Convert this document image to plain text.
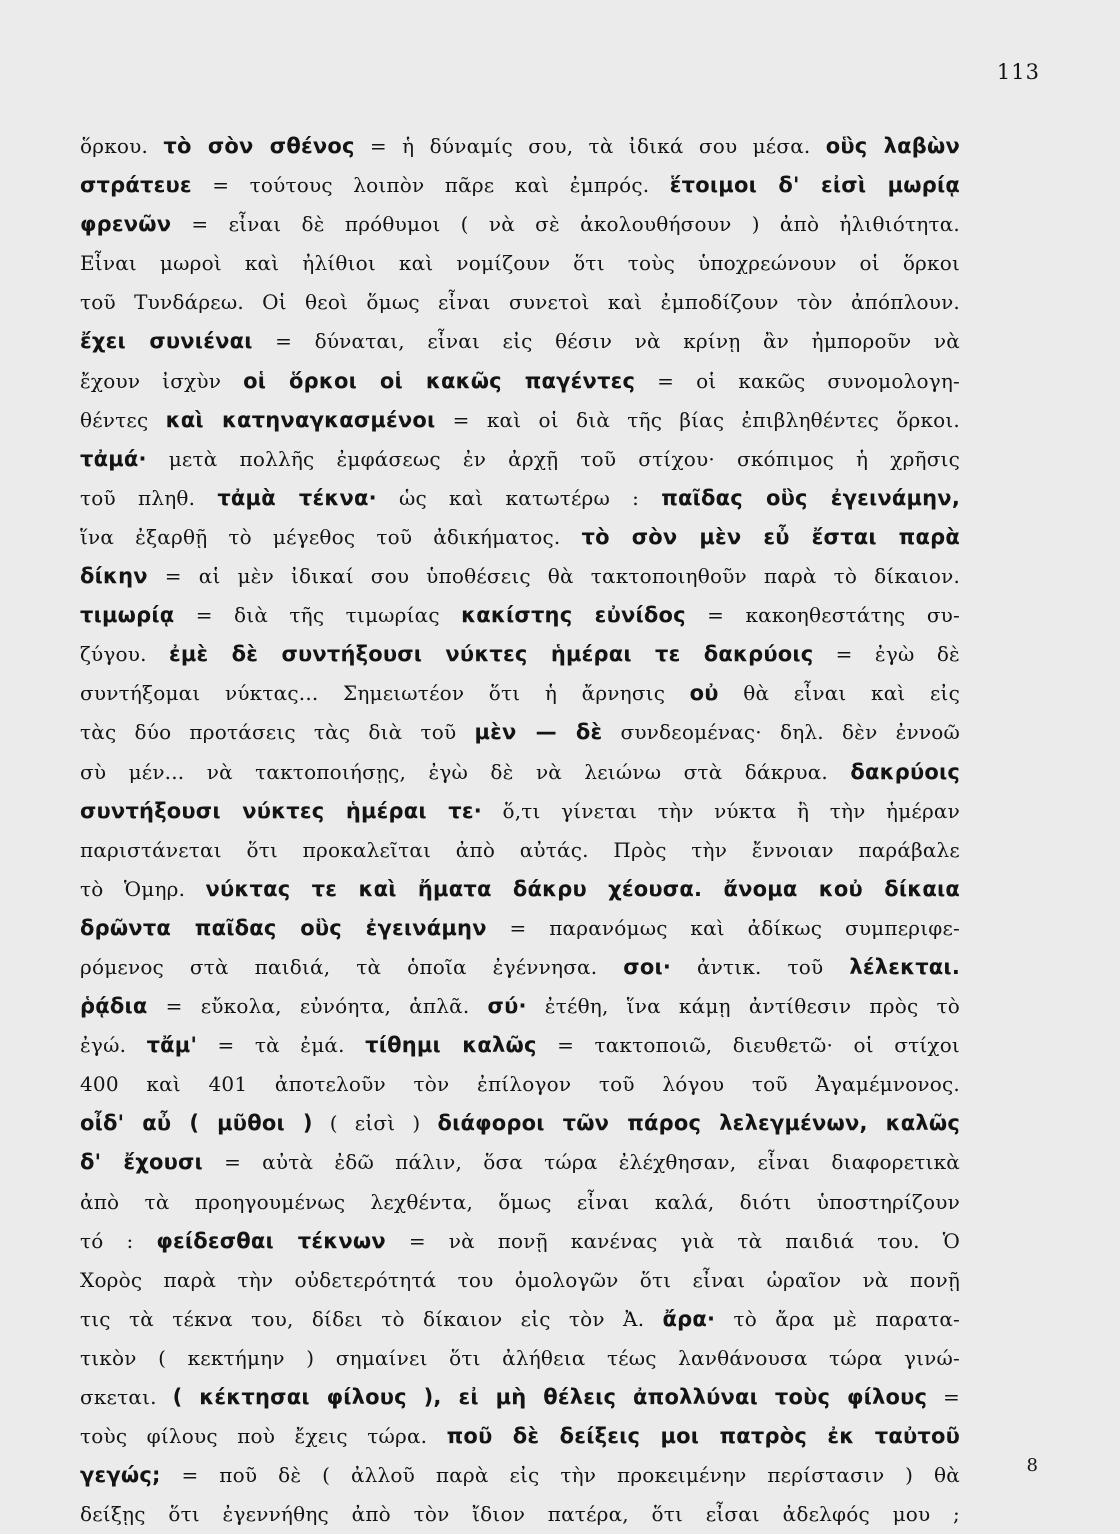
113
ὅρκου. τὸ σὸν σθένος = ἡ δύναμίς σου, τὰ ἰδικά σου μέσα. οὓς λαβὼν
στράτευε = τούτους λοιπὸν πᾶρε καὶ ἐμπρός. ἕτοιμοι δ' εἰσὶ μωρίᾳ
φρενῶν = εἶναι δὲ πρόθυμοι ( νὰ σὲ ἀκολουθήσουν ) ἀπὸ ἠλιθιότητα.
Εἶναι μωροὶ καὶ ἠλίθιοι καὶ νομίζουν ὅτι τοὺς ὑποχρεώνουν οἱ ὅρκοι
τοῦ Τυνδάρεω. Οἱ θεοὶ ὅμως εἶναι συνετοὶ καὶ ἐμποδίζουν τὸν ἀπόπλουν.
ἔχει συνιέναι = δύναται, εἶναι εἰς θέσιν νὰ κρίνῃ ἂν ἠμποροῦν νὰ
ἔχουν ἰσχὺν οἱ ὅρκοι οἱ κακῶς παγέντες = οἱ κακῶς συνομολογη-
θέντες καὶ κατηναγκασμένοι = καὶ οἱ διὰ τῆς βίας ἐπιβληθέντες ὅρκοι.
τἀμά· μετὰ πολλῆς ἐμφάσεως ἐν ἀρχῇ τοῦ στίχου· σκόπιμος ἡ χρῆσις
τοῦ πληθ. τἀμὰ τέκνα· ὡς καὶ κατωτέρω : παῖδας οὓς ἐγεινάμην,
ἵνα ἐξαρθῇ τὸ μέγεθος τοῦ ἀδικήματος. τὸ σὸν μὲν εὖ ἔσται παρὰ
δίκην = αἱ μὲν ἰδικαί σου ὑποθέσεις θὰ τακτοποιηθοῦν παρὰ τὸ δίκαιον.
τιμωρίᾳ = διὰ τῆς τιμωρίας κακίστης εὐνίδος = κακοηθεστάτης συ-
ζύγου. ἐμὲ δὲ συντήξουσι νύκτες ἡμέραι τε δακρύοις = ἐγὼ δὲ
συντήξομαι νύκτας... Σημειωτέον ὅτι ἡ ἄρνησις οὐ θὰ εἶναι καὶ εἰς
τὰς δύο προτάσεις τὰς διὰ τοῦ μὲν — δὲ συνδεομένας· δηλ. δὲν ἐννοῶ
σὺ μέν... νὰ τακτοποιήσῃς, ἐγὼ δὲ νὰ λειώνω στὰ δάκρυα. δακρύοις
συντήξουσι νύκτες ἡμέραι τε· ὅ,τι γίνεται τὴν νύκτα ἢ τὴν ἡμέραν
παριστάνεται ὅτι προκαλεῖται ἀπὸ αὐτάς. Πρὸς τὴν ἔννοιαν παράβαλε
τὸ Ὁμηρ. νύκτας τε καὶ ἤματα δάκρυ χέουσα. ἄνομα κοὐ δίκαια
δρῶντα παῖδας οὓς ἐγεινάμην = παρανόμως καὶ ἀδίκως συμπεριφε-
ρόμενος στὰ παιδιά, τὰ ὁποῖα ἐγέννησα. σοι· ἀντικ. τοῦ λέλεκται.
ῥᾴδια = εὔκολα, εὐνόητα, ἁπλᾶ. σύ· ἐτέθη, ἵνα κάμῃ ἀντίθεσιν πρὸς τὸ
ἐγώ. τἄμ' = τὰ ἐμά. τίθημι καλῶς = τακτοποιῶ, διευθετῶ· οἱ στίχοι
400 καὶ 401 ἀποτελοῦν τὸν ἐπίλογον τοῦ λόγου τοῦ Ἀγαμέμνονος.
οἶδ' αὖ ( μῦθοι ) ( εἰσὶ ) διάφοροι τῶν πάρος λελεγμένων, καλῶς
δ' ἔχουσι = αὐτὰ ἐδῶ πάλιν, ὅσα τώρα ἐλέχθησαν, εἶναι διαφορετικὰ
ἀπὸ τὰ προηγουμένως λεχθέντα, ὅμως εἶναι καλά, διότι ὑποστηρίζουν
τό : φείδεσθαι τέκνων = νὰ πονῇ κανένας γιὰ τὰ παιδιά του. Ὁ
Χορὸς παρὰ τὴν οὐδετερότητά του ὁμολογῶν ὅτι εἶναι ὡραῖον νὰ πονῇ
τις τὰ τέκνα του, δίδει τὸ δίκαιον εἰς τὸν Ἀ. ἄρα· τὸ ἄρα μὲ παρατα-
τικὸν ( κεκτήμην ) σημαίνει ὅτι ἀλήθεια τέως λανθάνουσα τώρα γινώ-
σκεται. ( κέκτησαι φίλους ), εἰ μὴ θέλεις ἀπολλύναι τοὺς φίλους =
τοὺς φίλους ποὺ ἔχεις τώρα. ποῦ δὲ δείξεις μοι πατρὸς ἐκ ταὐτοῦ
γεγώς; = ποῦ δὲ ( ἀλλοῦ παρὰ εἰς τὴν προκειμένην περίστασιν ) θὰ
δείξῃς ὅτι ἐγεννήθης ἀπὸ τὸν ἴδιον πατέρα, ὅτι εἶσαι ἀδελφός μου ;
8
